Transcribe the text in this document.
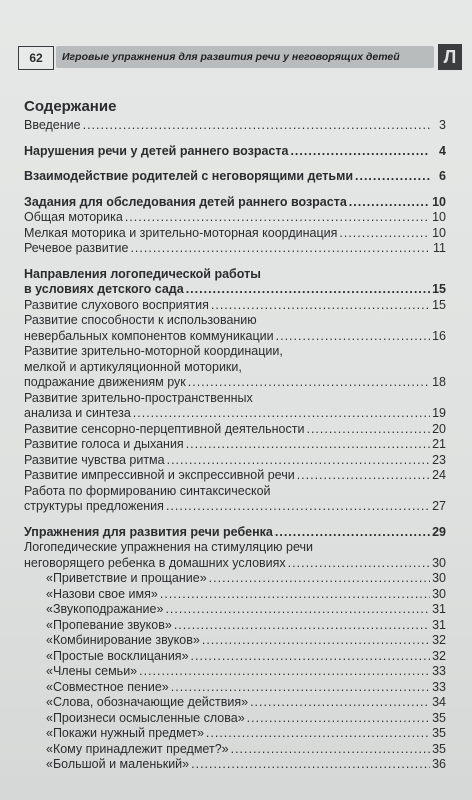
62	Игровые упражнения для развития речи у неговорящих детей	Л
Содержание
Введение .....	3
Нарушения речи у детей раннего возраста .....	4
Взаимодействие родителей с неговорящими детьми .....	6
Задания для обследования детей раннего возраста .....	10
Общая моторика .....	10
Мелкая моторика и зрительно-моторная координация .....	10
Речевое развитие .....	11
Направления логопедической работы
в условиях детского сада .....	15
Развитие слухового восприятия .....	15
Развитие способности к использованию
невербальных компонентов коммуникации .....	16
Развитие зрительно-моторной координации,
мелкой и артикуляционной моторики,
подражание движениям рук .....	18
Развитие зрительно-пространственных
анализа и синтеза .....	19
Развитие сенсорно-перцептивной деятельности .....	20
Развитие голоса и дыхания .....	21
Развитие чувства ритма .....	23
Развитие импрессивной и экспрессивной речи .....	24
Работа по формированию синтаксической
структуры предложения .....	27
Упражнения для развития речи ребенка .....	29
Логопедические упражнения на стимуляцию речи
неговорящего ребенка в домашних условиях .....	30
«Приветствие и прощание» .....	30
«Назови свое имя» .....	30
«Звукоподражание» .....	31
«Пропевание звуков» .....	31
«Комбинирование звуков» .....	32
«Простые восклицания» .....	32
«Члены семьи» .....	33
«Совместное пение» .....	33
«Слова, обозначающие действия» .....	34
«Произнеси осмысленные слова» .....	35
«Покажи нужный предмет» .....	35
«Кому принадлежит предмет?» .....	35
«Большой и маленький» .....	36
